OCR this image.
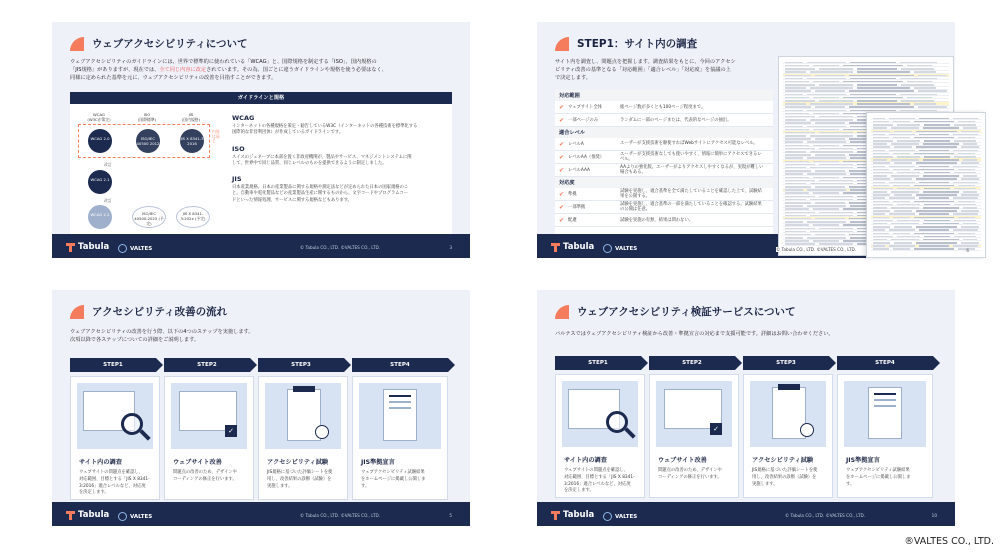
ウェブアクセシビリティについて
ウェブアクセシビリティのガイドラインには、世界で標準的に使われている「WCAG」と、国際規格を制定する「ISO」、国内規格の
「JIS規格」がありますが、現在では、全て同じ内容に改定されています。その為、国ごとに違うガイドラインや規格を使う必要はなく、
同様に定められた基準を元に、ウェブアクセシビリティの改善を目指すことができます。
ガイドラインと規格
WCAG
(W3Cが策定)
ISO
(国際標準)
JIS
(国内規格)
内容は同じ
WCAG 2.0	ISO/IEC 40500 2012
JIS X 8341-3 2016
改訂
WCAG 2.1
改訂
WCAG 2.2	ISO/IEC 40500:2025 (予定)
JIS X 8341-3:202x (予定)
WCAG
インターネットの各種規格を策定・勧告しているW3C（インターネットの各種技術を標準化する
国際的な非営利団体）が作成しているガイドラインです。
ISO
スイスのジュネーブに本部を置く非政府機関が、製品やサービス、マネジメントシステムに関
して、世界中で同じ品質、同じレベルのものを提供できるように制定しました。
JIS
日本産業規格。日本の産業製品に関する規格や測定法などが定められた日本の国家規格のこ
と。自動車や電化製品などの産業製品生産に関するものから、文字コードやプログラムコー
ドといった情報処理、サービスに関する規格などもあります。
Tabula	VALTES	© Tabula CO., LTD. ©VALTES CO., LTD.	3
STEP1：サイト内の調査
サイト内を調査し、問題点を把握します。調査結果をもとに、今回のアクセシ
ビリティ改善の基準となる「対応範囲」「適合レベル」「対応度」を協議の上
で決定します。
対応範囲
✔ ウェブサイト全体	総ページ数が多くとも100ページ程度まで。
✔ 一部ページのみ	ランダムに一部のページまたは、代表的なページの抽出。
適合レベル
✔ レベルA	ユーザーが支援技術を駆使すればWebサイトにアクセス可能なレベル。
✔ レベルAA（推奨）
ユーザーが支援技術なしでも使いやすく、情報に簡単にアクセスできるレベル。
✔ レベルAAA
AAよりの強化版。ユーザーがよりアクセスしやすくなるが、実現が難しい場合もある。
対応度
✔ 準拠
試験を実施し、適合基準を全て満たしていることを確認した上で、試験結果を公開する。
✔ 一部準拠
試験を実施し、適合基準の一部を満たしていることを確認する。試験結果の公開は任意。
✔ 配慮	試験を実施の有無、結果は問わない。
Tabula	VALTES	6
© Tabula CO., LTD. ©VALTES CO., LTD.
アクセシビリティ改善の流れ
ウェブアクセシビリティの改善を行う際、以下の4つのステップを実施します。
次項以降で各ステップについての詳細をご説明します。
STEP1	STEP2	STEP3	STEP4
サイト内の調査
ウェブサイトの問題点を確認し、
対応範囲、目標とする「JIS X 8341-
3:2016」適合レベルなど、対応度
を決定します。
✓
ウェブサイト改善
問題点の改善のため、デザインや
コーディングの修正を行います。
アクセシビリティ試験
JIS規格に基づいた評価シートを使
用し、改善結果の診断（試験）を
実施します。
JIS準拠宣言
ウェブアクセシビリティ試験結果
をホームページに掲載し公開しま
す。
Tabula	VALTES	© Tabula CO., LTD. ©VALTES CO., LTD.	5
ウェブアクセシビリティ検証サービスについて
バルテスではウェブアクセシビリティ検証から改善・準拠宣言の対応まで支援可能です。詳細はお問い合わせください。
STEP1	STEP2	STEP3	STEP4
サイト内の調査
ウェブサイトの問題点を確認し、
対応範囲、目標とする「JIS X 8341-
3:2016」適合レベルなど、対応度
を決定します。
✓
ウェブサイト改善
問題点の改善のため、デザインや
コーディングの修正を行います。
アクセシビリティ試験
JIS規格に基づいた評価シートを使
用し、改善結果の診断（試験）を
実施します。
JIS準拠宣言
ウェブアクセシビリティ試験結果
をホームページに掲載し公開しま
す。
Tabula	VALTES	© Tabula CO., LTD. ©VALTES CO., LTD.	10
®VALTES CO., LTD.
